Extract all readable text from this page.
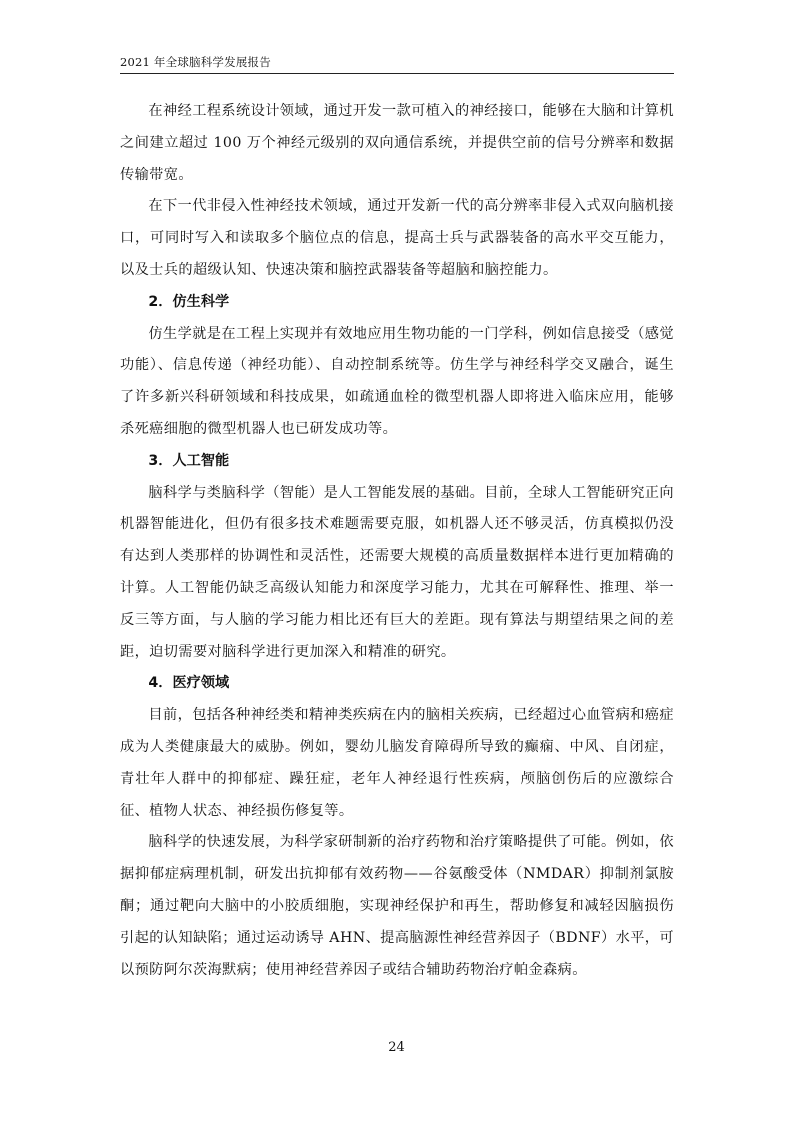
2021 年全球脑科学发展报告

在神经工程系统设计领域，通过开发一款可植入的神经接口，能够在大脑和计算机之间建立超过 100 万个神经元级别的双向通信系统，并提供空前的信号分辨率和数据传输带宽。

在下一代非侵入性神经技术领域，通过开发新一代的高分辨率非侵入式双向脑机接口，可同时写入和读取多个脑位点的信息，提高士兵与武器装备的高水平交互能力，以及士兵的超级认知、快速决策和脑控武器装备等超脑和脑控能力。

2．仿生科学

仿生学就是在工程上实现并有效地应用生物功能的一门学科，例如信息接受（感觉功能）、信息传递（神经功能）、自动控制系统等。仿生学与神经科学交叉融合，诞生了许多新兴科研领域和科技成果，如疏通血栓的微型机器人即将进入临床应用，能够杀死癌细胞的微型机器人也已研发成功等。

3．人工智能

脑科学与类脑科学（智能）是人工智能发展的基础。目前，全球人工智能研究正向机器智能进化，但仍有很多技术难题需要克服，如机器人还不够灵活，仿真模拟仍没有达到人类那样的协调性和灵活性，还需要大规模的高质量数据样本进行更加精确的计算。人工智能仍缺乏高级认知能力和深度学习能力，尤其在可解释性、推理、举一反三等方面，与人脑的学习能力相比还有巨大的差距。现有算法与期望结果之间的差距，迫切需要对脑科学进行更加深入和精准的研究。

4．医疗领域

目前，包括各种神经类和精神类疾病在内的脑相关疾病，已经超过心血管病和癌症成为人类健康最大的威胁。例如，婴幼儿脑发育障碍所导致的癫痫、中风、自闭症，青壮年人群中的抑郁症、躁狂症，老年人神经退行性疾病，颅脑创伤后的应激综合征、植物人状态、神经损伤修复等。

脑科学的快速发展，为科学家研制新的治疗药物和治疗策略提供了可能。例如，依据抑郁症病理机制，研发出抗抑郁有效药物——谷氨酸受体（NMDAR）抑制剂氯胺酮；通过靶向大脑中的小胶质细胞，实现神经保护和再生，帮助修复和减轻因脑损伤引起的认知缺陷；通过运动诱导 AHN、提高脑源性神经营养因子（BDNF）水平，可以预防阿尔茨海默病；使用神经营养因子或结合辅助药物治疗帕金森病。

24
